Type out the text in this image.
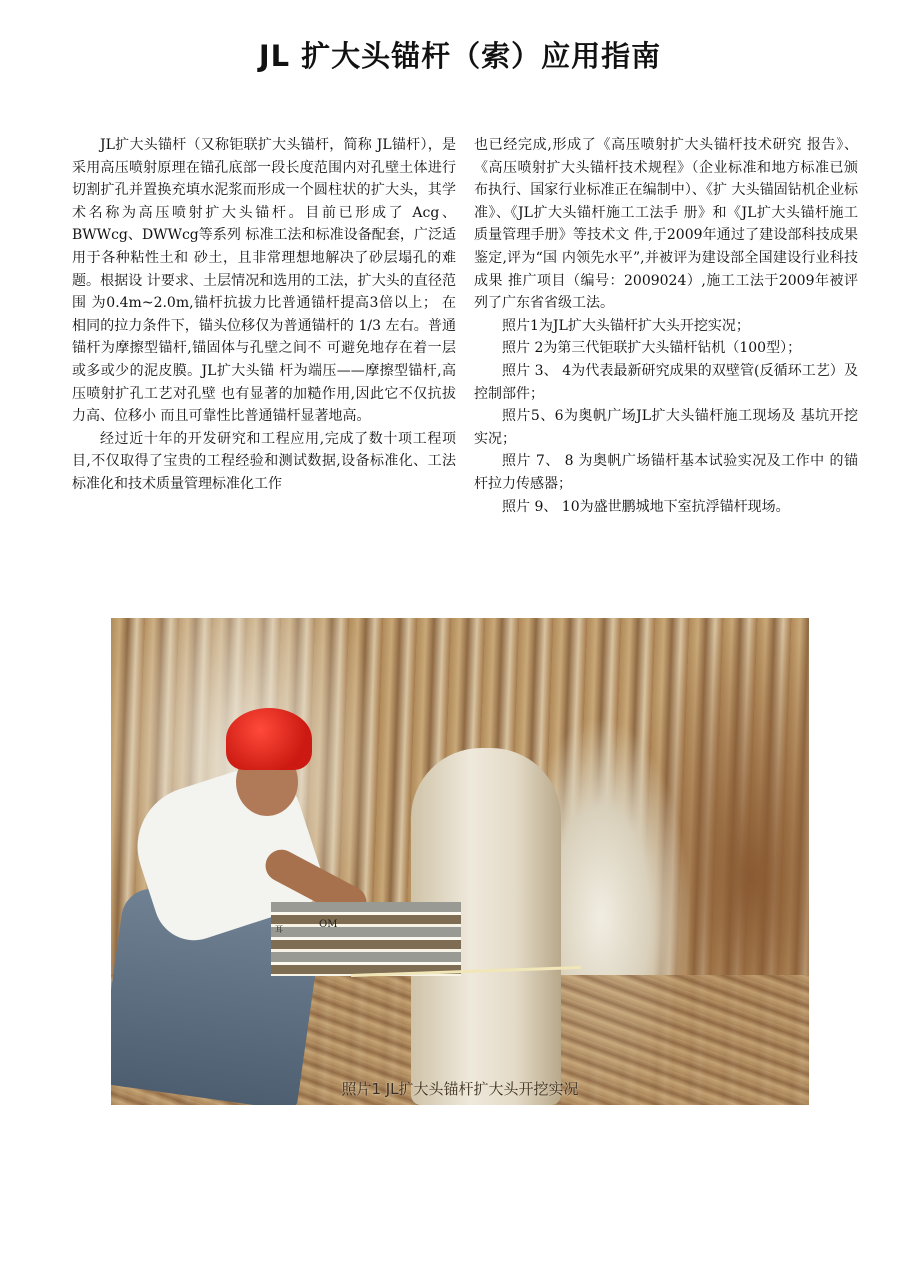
JL 扩大头锚杆（索）应用指南

JL扩大头锚杆（又称钜联扩大头锚杆，简称 JL锚杆），是采用高压喷射原理在锚孔底部一段长度范围内对孔壁土体进行切割扩孔并置换充填水泥浆而形成一个圆柱状的扩大头，其学术名称为高压喷射扩大头锚杆。目前已形成了 Acg、BWWcg、DWWcg等系列 标准工法和标准设备配套，广泛适用于各种粘性土和 砂土，且非常理想地解决了砂层塌孔的难题。根据设 计要求、土层情况和选用的工法，扩大头的直径范围 为0.4m~2.0m,锚杆抗拔力比普通锚杆提高3倍以上； 在相同的拉力条件下，锚头位移仅为普通锚杆的 1/3 左右。普通锚杆为摩擦型锚杆,锚固体与孔壁之间不 可避免地存在着一层或多或少的泥皮膜。JL扩大头锚 杆为端压——摩擦型锚杆,高压喷射扩孔工艺对孔壁 也有显著的加糙作用,因此它不仅抗拔力高、位移小 而且可靠性比普通锚杆显著地高。

经过近十年的开发研究和工程应用,完成了数十项工程项目,不仅取得了宝贵的工程经验和测试数据,设备标准化、工法标准化和技术质量管理标准化工作

也已经完成,形成了《高压喷射扩大头锚杆技术研究 报告》、《高压喷射扩大头锚杆技术规程》（企业标准和地方标准已颁布执行、国家行业标准正在编制中）、《扩 大头锚固钻机企业标准》、《JL扩大头锚杆施工工法手 册》和《JL扩大头锚杆施工质量管理手册》等技术文 件,于2009年通过了建设部科技成果鉴定,评为“国 内领先水平”,并被评为建设部全国建设行业科技成果 推广项目（编号：2009024）,施工工法于2009年被评 列了广东省省级工法。

照片1为JL扩大头锚杆扩大头开挖实况；

照片 2为第三代钜联扩大头锚杆钻机（100型）；

照片 3、 4为代表最新研究成果的双壁管(反循环工艺）及控制部件；

照片5、6为奥帆广场JL扩大头锚杆施工现场及 基坑开挖实况；

照片 7、 8 为奥帆广场锚杆基本试验实况及工作中 的锚杆拉力传感器；

照片 9、 10为盛世鹏城地下室抗浮锚杆现场。

耳	OM
照片1 JL扩大头锚杆扩大头开挖实况
